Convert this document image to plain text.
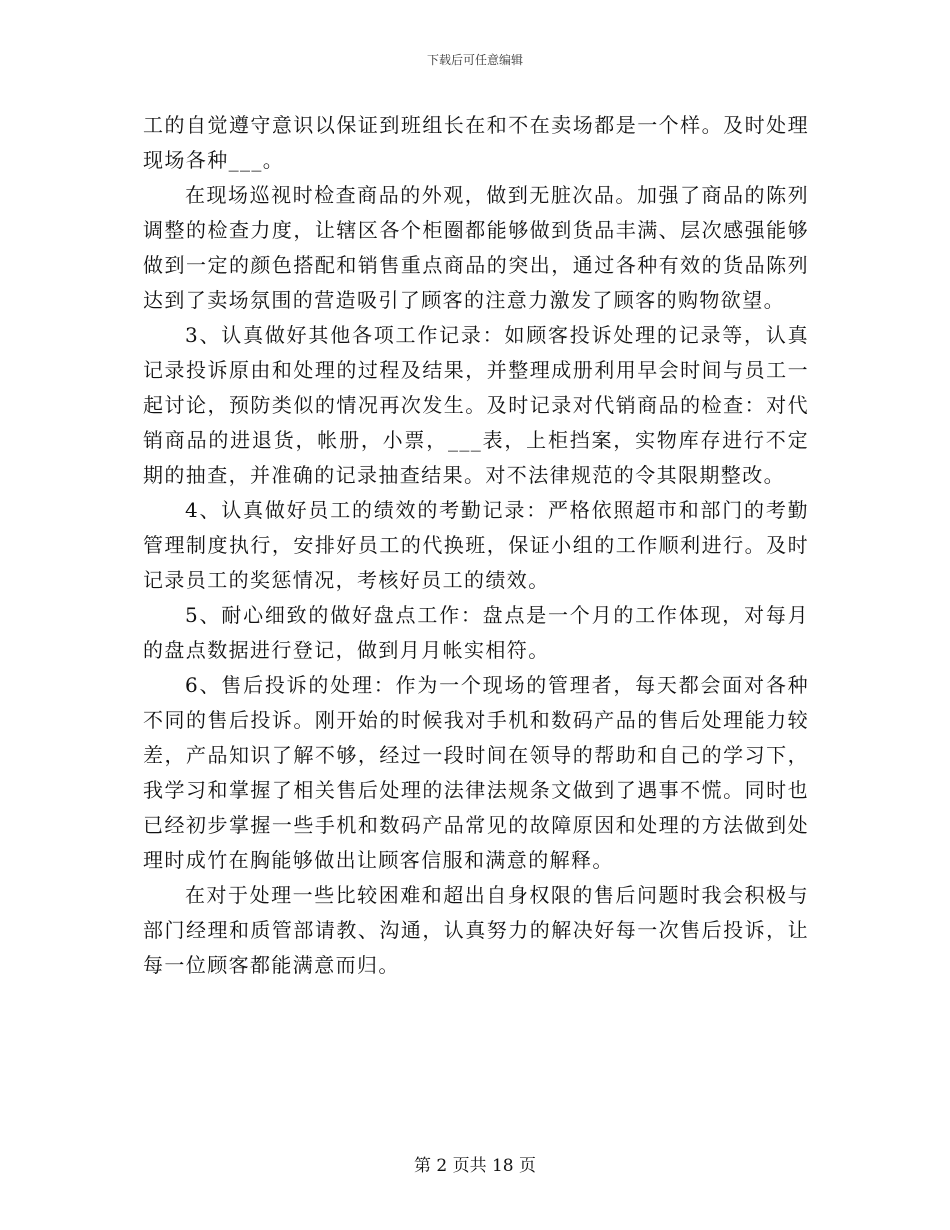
下载后可任意编辑

工的自觉遵守意识以保证到班组长在和不在卖场都是一个样。及时处理现场各种___。

在现场巡视时检查商品的外观，做到无脏次品。加强了商品的陈列调整的检查力度，让辖区各个柜圈都能够做到货品丰满、层次感强能够做到一定的颜色搭配和销售重点商品的突出，通过各种有效的货品陈列达到了卖场氛围的营造吸引了顾客的注意力激发了顾客的购物欲望。

3、认真做好其他各项工作记录：如顾客投诉处理的记录等，认真记录投诉原由和处理的过程及结果，并整理成册利用早会时间与员工一起讨论，预防类似的情况再次发生。及时记录对代销商品的检查：对代销商品的进退货，帐册，小票，___表，上柜挡案，实物库存进行不定期的抽查，并准确的记录抽查结果。对不法律规范的令其限期整改。

4、认真做好员工的绩效的考勤记录：严格依照超市和部门的考勤管理制度执行，安排好员工的代换班，保证小组的工作顺利进行。及时记录员工的奖惩情况，考核好员工的绩效。

5、耐心细致的做好盘点工作：盘点是一个月的工作体现，对每月的盘点数据进行登记，做到月月帐实相符。

6、售后投诉的处理：作为一个现场的管理者，每天都会面对各种不同的售后投诉。刚开始的时候我对手机和数码产品的售后处理能力较差，产品知识了解不够，经过一段时间在领导的帮助和自己的学习下，我学习和掌握了相关售后处理的法律法规条文做到了遇事不慌。同时也已经初步掌握一些手机和数码产品常见的故障原因和处理的方法做到处理时成竹在胸能够做出让顾客信服和满意的解释。

在对于处理一些比较困难和超出自身权限的售后问题时我会积极与部门经理和质管部请教、沟通，认真努力的解决好每一次售后投诉，让每一位顾客都能满意而归。

第 2 页共 18 页
